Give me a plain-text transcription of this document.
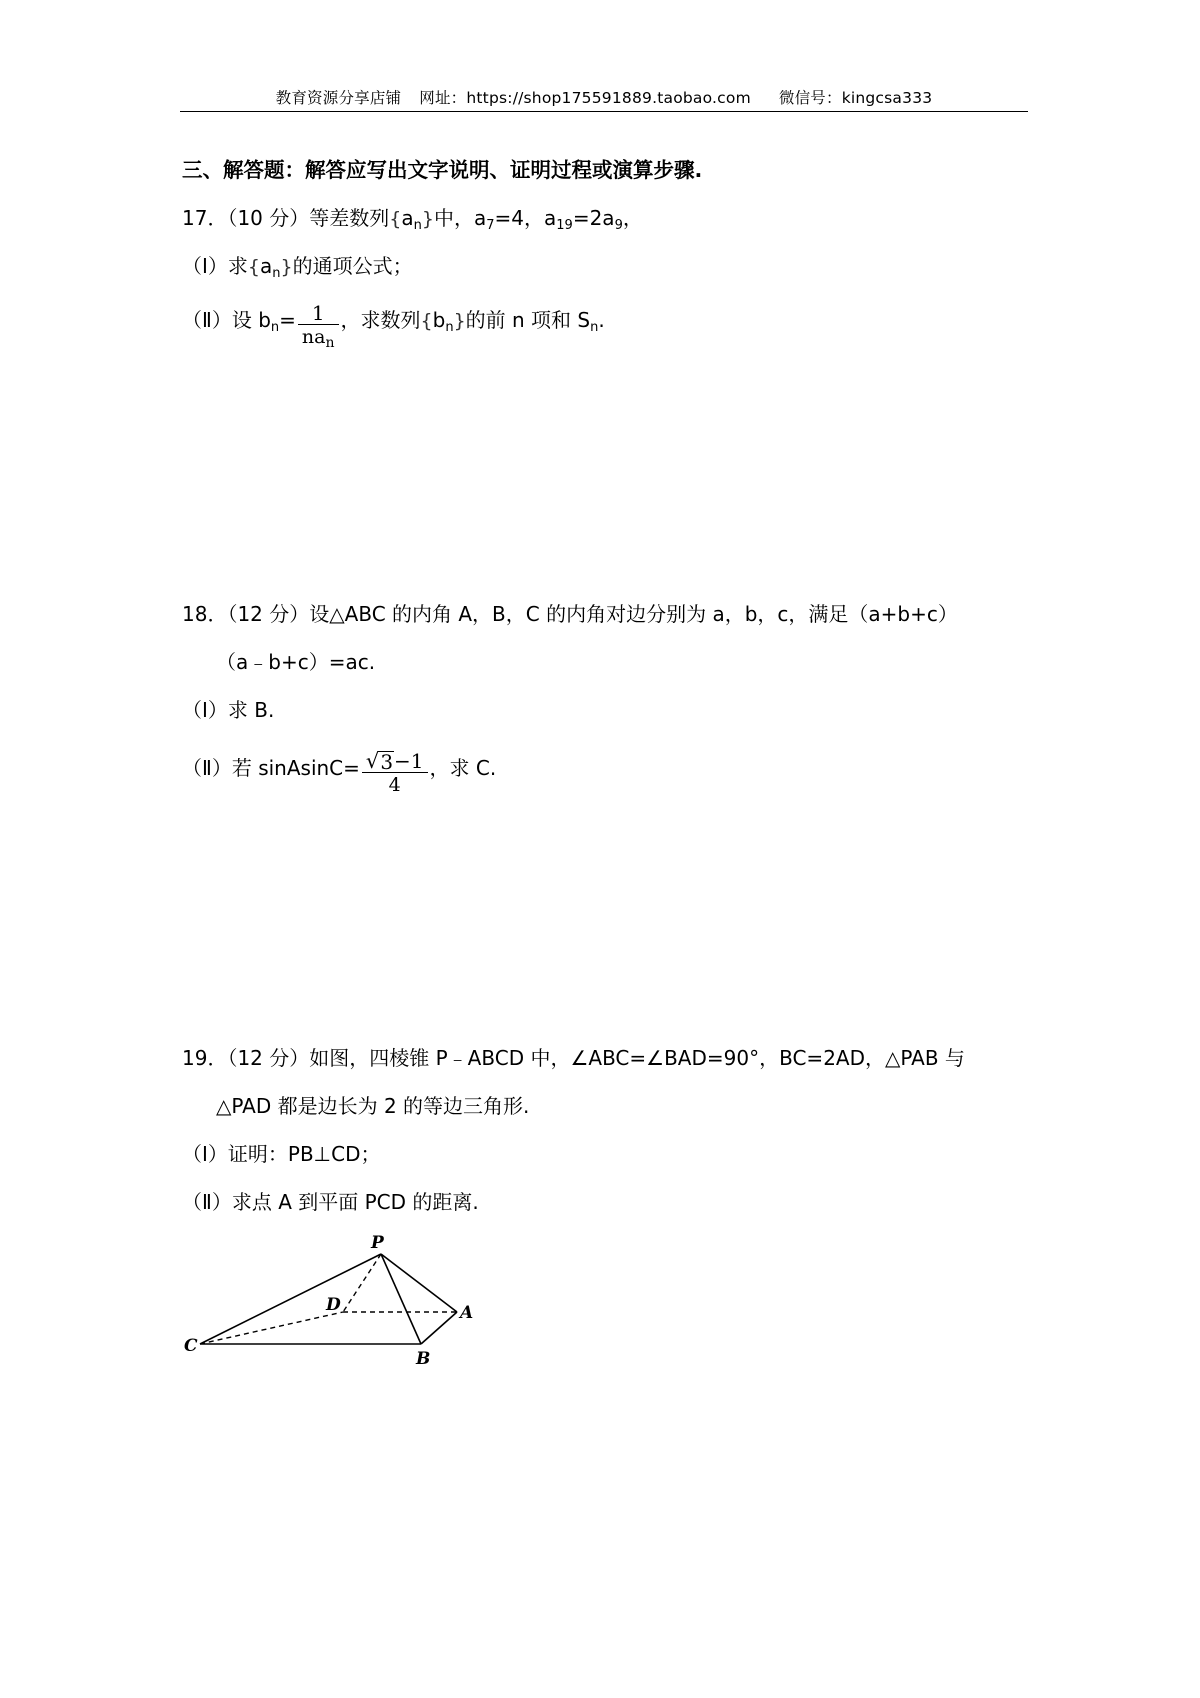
教育资源分享店铺 网址：https://shop175591889.taobao.com 微信号：kingcsa333
三、解答题：解答应写出文字说明、证明过程或演算步骤.
17．（10 分）等差数列$\{a_n\}$中，$a_7=4$，$a_{19}=2a_9$，
（Ⅰ）求$\{a_n\}$的通项公式；
（Ⅱ）设 $b_n= \frac{1}{na_n}$ ，求数列$\{b_n\}$的前 n 项和 $S_n$.
18．（12 分）设△ABC 的内角 A，B，C 的内角对边分别为 a，b，c，满足（a+b+c）
（a﹣b+c）=ac.
（Ⅰ）求 B.
（Ⅱ）若 sinAsinC= $\frac{√ 3 -1}{4}$ ，求 C.
19．（12 分）如图，四棱锥 P﹣ABCD 中，∠ABC=∠BAD=90°，BC=2AD，△PAB 与
△PAD 都是边长为 2 的等边三角形.
（Ⅰ）证明：PB⊥CD；
（Ⅱ）求点 A 到平面 PCD 的距离.
P
D	A
B
C
